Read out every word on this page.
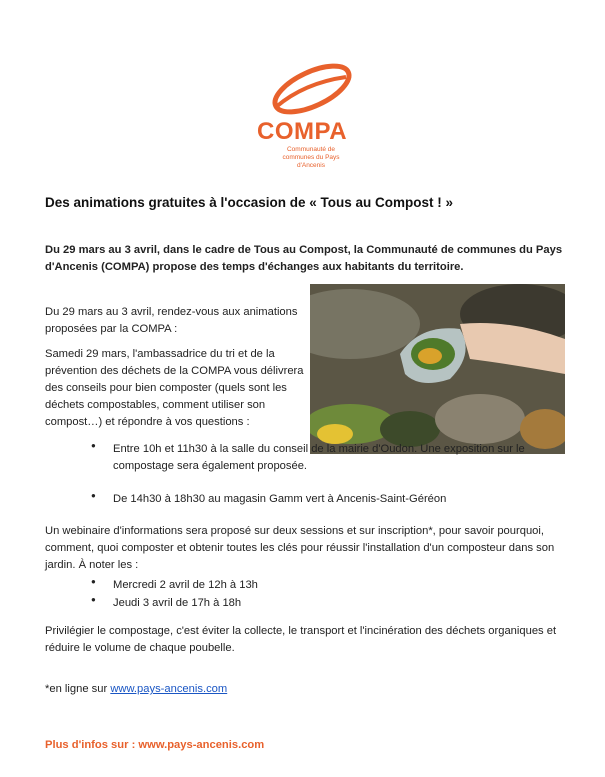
COMPA
Communauté de communes du Pays d'Ancenis
Des animations gratuites à l'occasion de « Tous au Compost ! »
Du 29 mars au 3 avril, dans le cadre de Tous au Compost, la Communauté de communes du Pays d'Ancenis (COMPA) propose des temps d'échanges aux habitants du territoire.
Du 29 mars au 3 avril, rendez-vous aux animations proposées par la COMPA :
Samedi 29 mars, l'ambassadrice du tri et de la prévention des déchets de la COMPA vous délivrera des conseils pour bien composter (quels sont les déchets compostables, comment utiliser son compost…) et répondre à vos questions :
● Entre 10h et 11h30 à la salle du conseil de la mairie d'Oudon. Une exposition sur le compostage sera également proposée.
● De 14h30 à 18h30 au magasin Gamm vert à Ancenis-Saint-Géréon
Un webinaire d'informations sera proposé sur deux sessions et sur inscription*, pour savoir pourquoi, comment, quoi composter et obtenir toutes les clés pour réussir l'installation d'un composteur dans son jardin. À noter les :
● Mercredi 2 avril de 12h à 13h
● Jeudi 3 avril de 17h à 18h
Privilégier le compostage, c'est éviter la collecte, le transport et l'incinération des déchets organiques et réduire le volume de chaque poubelle.
*en ligne sur www.pays-ancenis.com
Plus d'infos sur : www.pays-ancenis.com
